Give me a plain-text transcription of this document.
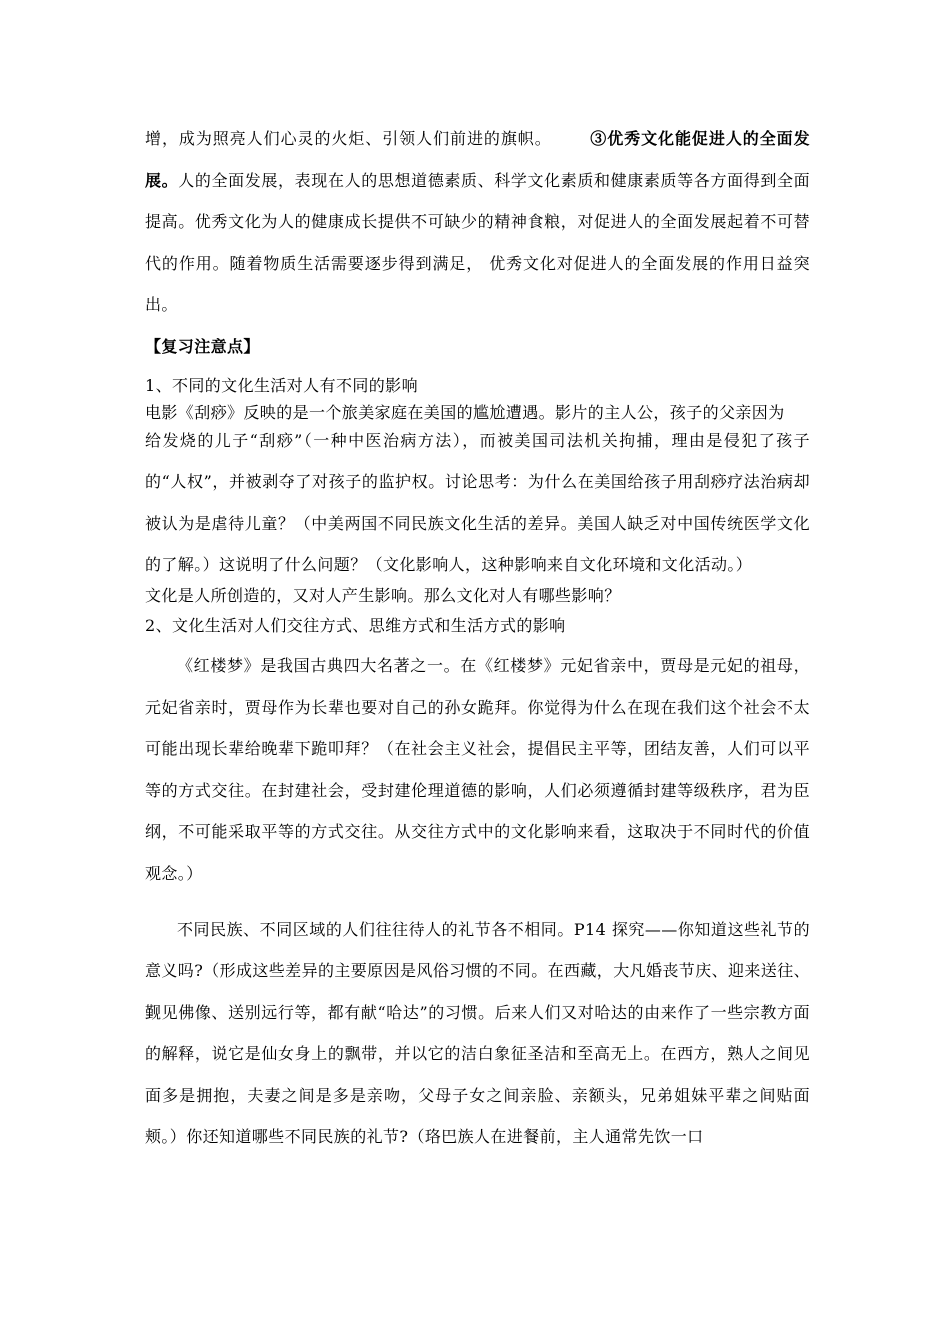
增，成为照亮人们心灵的火炬、引领人们前进的旗帜。 ③优秀文化能促进人的全面发展。人的全面发展，表现在人的思想道德素质、科学文化素质和健康素质等各方面得到全面提高。优秀文化为人的健康成长提供不可缺少的精神食粮，对促进人的全面发展起着不可替代的作用。随着物质生活需要逐步得到满足， 优秀文化对促进人的全面发展的作用日益突出。

【复习注意点】

1、不同的文化生活对人有不同的影响

电影《刮痧》反映的是一个旅美家庭在美国的尴尬遭遇。影片的主人公，孩子的父亲因为

给发烧的儿子“刮痧”（一种中医治病方法），而被美国司法机关拘捕，理由是侵犯了孩子的“人权”，并被剥夺了对孩子的监护权。讨论思考：为什么在美国给孩子用刮痧疗法治病却被认为是虐待儿童？（中美两国不同民族文化生活的差异。美国人缺乏对中国传统医学文化的了解。）这说明了什么问题？（文化影响人，这种影响来自文化环境和文化活动。）

文化是人所创造的，又对人产生影响。那么文化对人有哪些影响？

2、文化生活对人们交往方式、思维方式和生活方式的影响

《红楼梦》是我国古典四大名著之一。在《红楼梦》元妃省亲中，贾母是元妃的祖母，元妃省亲时，贾母作为长辈也要对自己的孙女跪拜。你觉得为什么在现在我们这个社会不太可能出现长辈给晚辈下跪叩拜？（在社会主义社会，提倡民主平等，团结友善，人们可以平等的方式交往。在封建社会，受封建伦理道德的影响，人们必须遵循封建等级秩序，君为臣纲，不可能采取平等的方式交往。从交往方式中的文化影响来看，这取决于不同时代的价值观念。）

不同民族、不同区域的人们往往待人的礼节各不相同。P14 探究——你知道这些礼节的意义吗?（形成这些差异的主要原因是风俗习惯的不同。在西藏，大凡婚丧节庆、迎来送往、觐见佛像、送别远行等，都有献“哈达”的习惯。后来人们又对哈达的由来作了一些宗教方面的解释，说它是仙女身上的飘带，并以它的洁白象征圣洁和至高无上。在西方，熟人之间见面多是拥抱，夫妻之间是多是亲吻，父母子女之间亲脸、亲额头，兄弟姐妹平辈之间贴面颊。）你还知道哪些不同民族的礼节?（珞巴族人在进餐前，主人通常先饮一口
